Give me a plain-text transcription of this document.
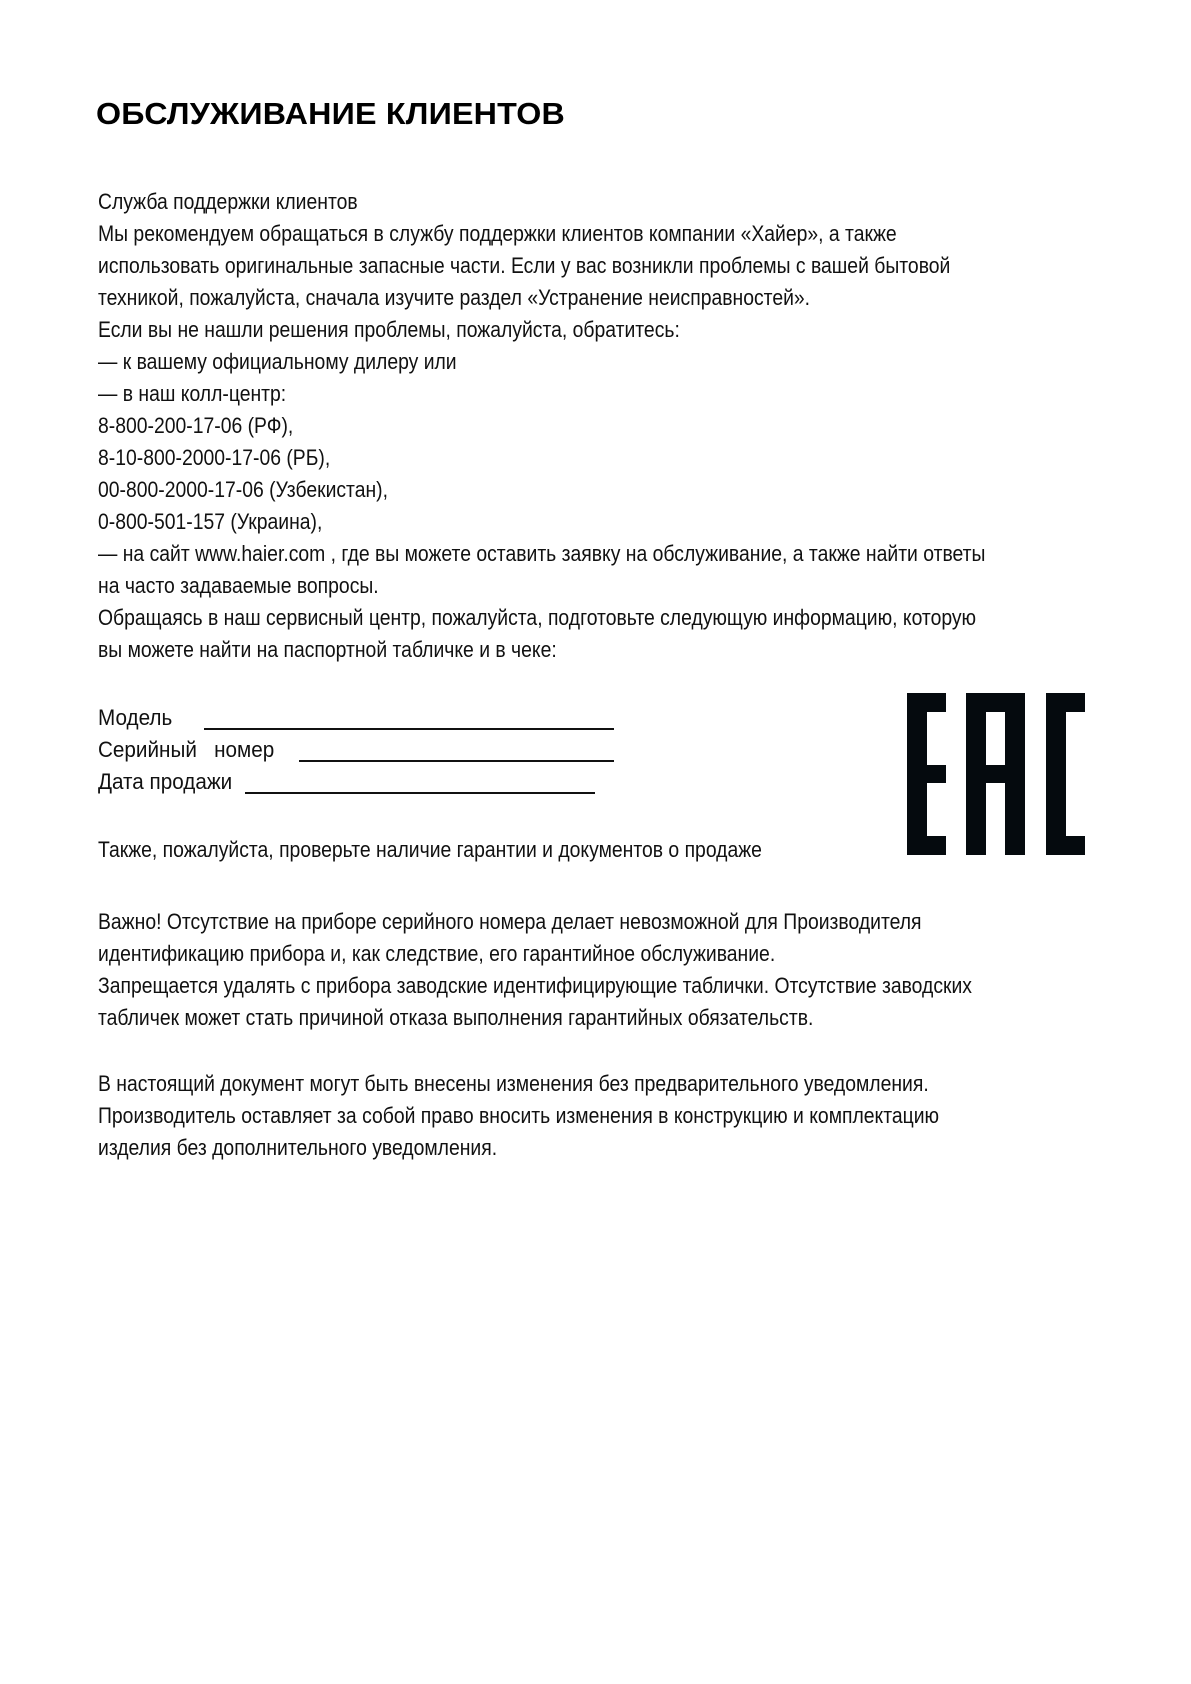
ОБСЛУЖИВАНИЕ КЛИЕНТОВ
Служба поддержки клиентов
Мы рекомендуем обращаться в службу поддержки клиентов компании «Хайер», а также
использовать оригинальные запасные части. Если у вас возникли проблемы с вашей бытовой
техникой, пожалуйста, сначала изучите раздел «Устранение неисправностей».
Если вы не нашли решения проблемы, пожалуйста, обратитесь:
— к вашему официальному дилеру или
— в наш колл-центр:
8-800-200-17-06 (РФ),
8-10-800-2000-17-06 (РБ),
00-800-2000-17-06 (Узбекистан),
0-800-501-157 (Украина),
— на сайт www.haier.com , где вы можете оставить заявку на обслуживание, а также найти ответы
на часто задаваемые вопросы.
Обращаясь в наш сервисный центр, пожалуйста, подготовьте следующую информацию, которую
вы можете найти на паспортной табличке и в чеке:
Модель
Серийный   номер
Дата продажи
Также, пожалуйста, проверьте наличие гарантии и документов о продаже
Важно! Отсутствие на приборе серийного номера делает невозможной для Производителя
идентификацию прибора и, как следствие, его гарантийное обслуживание.
Запрещается удалять с прибора заводские идентифицирующие таблички. Отсутствие заводских
табличек может стать причиной отказа выполнения гарантийных обязательств.
В настоящий документ могут быть внесены изменения без предварительного уведомления.
Производитель оставляет за собой право вносить изменения в конструкцию и комплектацию
изделия без дополнительного уведомления.
